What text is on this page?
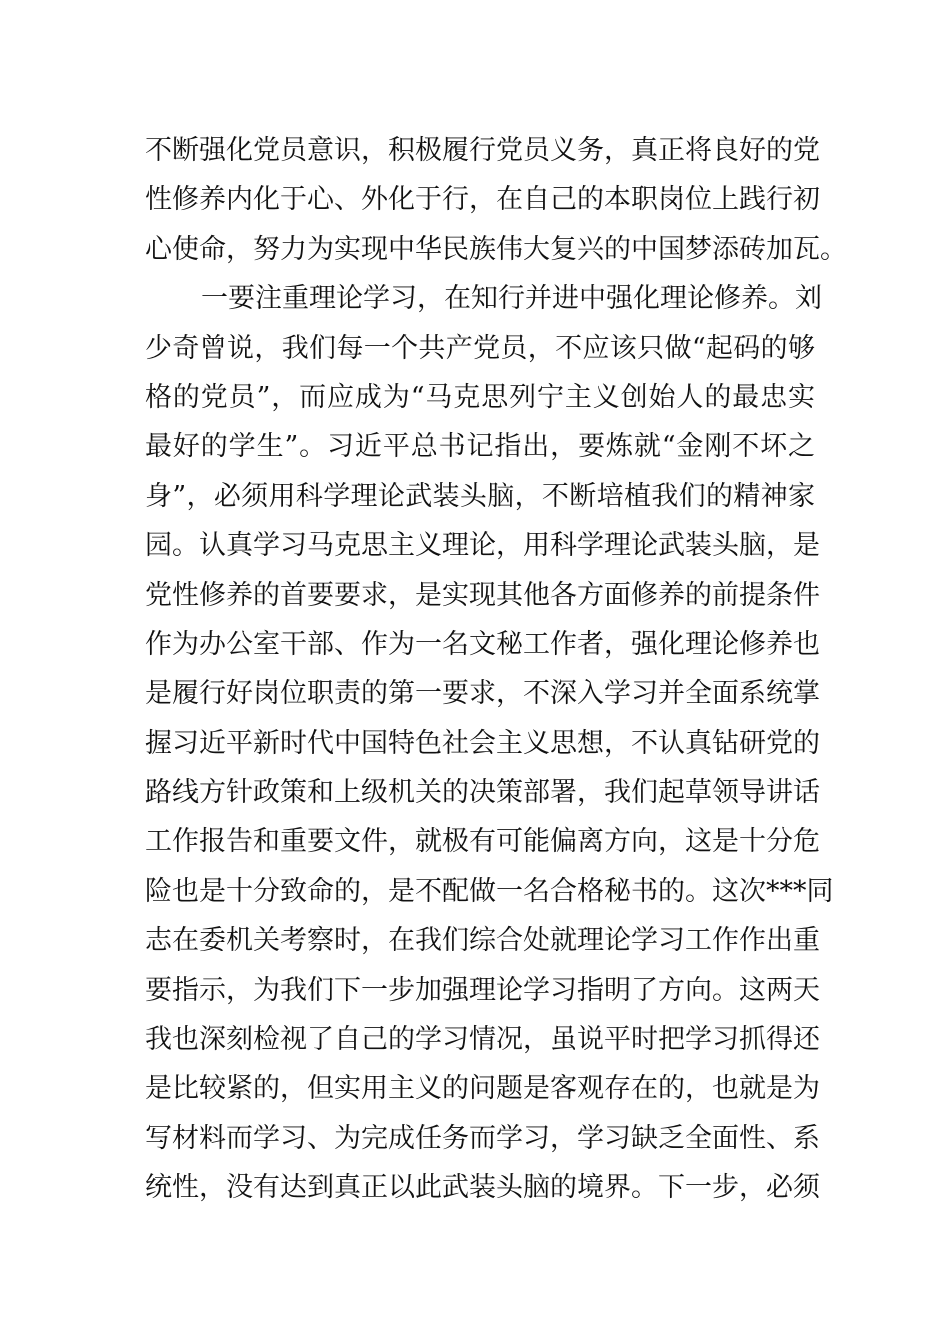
不断强化党员意识，积极履行党员义务，真正将良好的党
性修养内化于心、外化于行，在自己的本职岗位上践行初
心使命，努力为实现中华民族伟大复兴的中国梦添砖加瓦。
一要注重理论学习，在知行并进中强化理论修养。刘
少奇曾说，我们每一个共产党员，不应该只做“起码的够
格的党员”，而应成为“马克思列宁主义创始人的最忠实
最好的学生”。习近平总书记指出，要炼就“金刚不坏之
身”，必须用科学理论武装头脑，不断培植我们的精神家
园。认真学习马克思主义理论，用科学理论武装头脑，是
党性修养的首要要求，是实现其他各方面修养的前提条件
作为办公室干部、作为一名文秘工作者，强化理论修养也
是履行好岗位职责的第一要求，不深入学习并全面系统掌
握习近平新时代中国特色社会主义思想，不认真钻研党的
路线方针政策和上级机关的决策部署，我们起草领导讲话
工作报告和重要文件，就极有可能偏离方向，这是十分危
险也是十分致命的，是不配做一名合格秘书的。这次***同
志在委机关考察时，在我们综合处就理论学习工作作出重
要指示，为我们下一步加强理论学习指明了方向。这两天
我也深刻检视了自己的学习情况，虽说平时把学习抓得还
是比较紧的，但实用主义的问题是客观存在的，也就是为
写材料而学习、为完成任务而学习，学习缺乏全面性、系
统性，没有达到真正以此武装头脑的境界。下一步，必须
